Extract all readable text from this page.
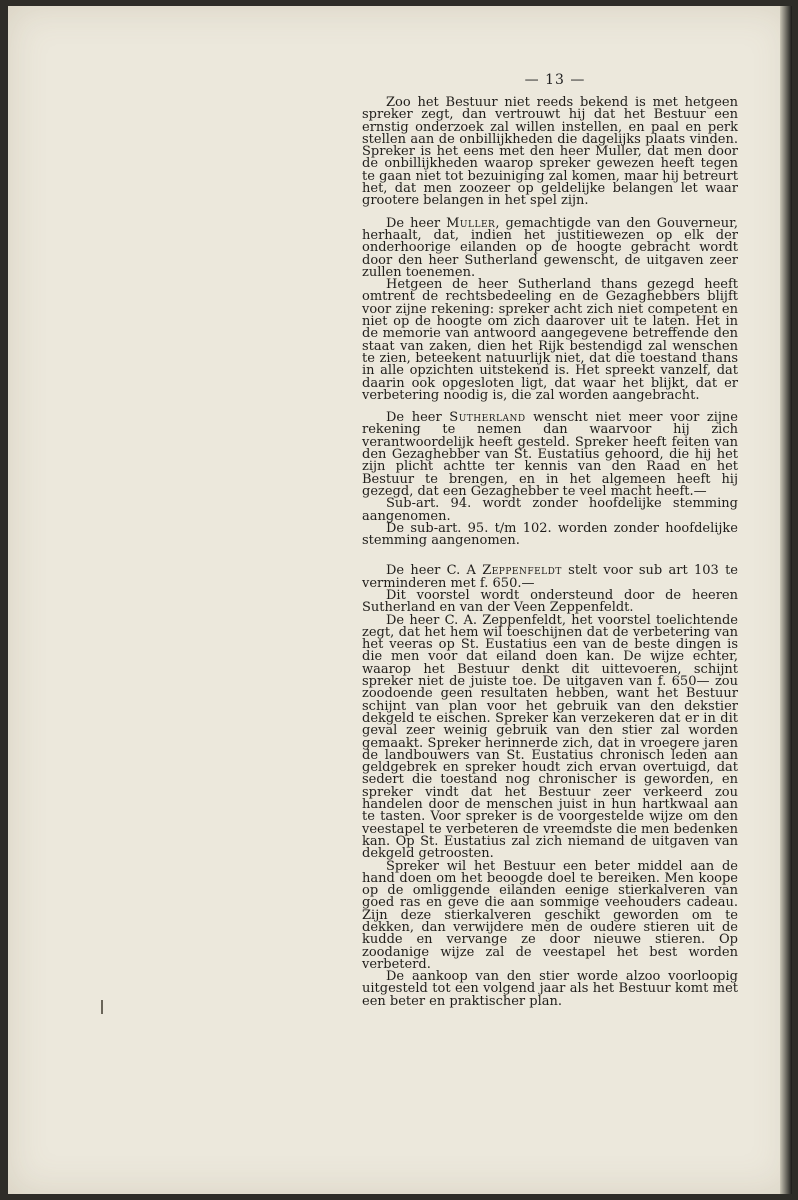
— 13 —

Zoo het Bestuur niet reeds bekend is met hetgeen spreker zegt, dan vertrouwt hij dat het Bestuur een ernstig onderzoek zal willen instellen, en paal en perk stellen aan de onbillijkheden die dagelijks plaats vinden. Spreker is het eens met den heer Muller, dat men door de onbillijkheden waarop spreker gewezen heeft tegen te gaan niet tot bezuiniging zal komen, maar hij betreurt het, dat men zoozeer op geldelijke belangen let waar grootere belangen in het spel zijn.

De heer Muller, gemachtigde van den Gouverneur, herhaalt, dat, indien het justitiewezen op elk der onderhoorige eilanden op de hoogte gebracht wordt door den heer Sutherland gewenscht, de uitgaven zeer zullen toenemen.

Hetgeen de heer Sutherland thans gezegd heeft omtrent de rechtsbedeeling en de Gezaghebbers blijft voor zijne rekening: spreker acht zich niet competent en niet op de hoogte om zich daarover uit te laten. Het in de memorie van antwoord aangegevene betreffende den staat van zaken, dien het Rijk bestendigd zal wenschen te zien, beteekent natuurlijk niet, dat die toestand thans in alle opzichten uitstekend is. Het spreekt vanzelf, dat daarin ook opgesloten ligt, dat waar het blijkt, dat er verbetering noodig is, die zal worden aangebracht.

De heer Sutherland wenscht niet meer voor zijne rekening te nemen dan waarvoor hij zich verantwoordelijk heeft gesteld. Spreker heeft feiten van den Gezaghebber van St. Eustatius gehoord, die hij het zijn plicht achtte ter kennis van den Raad en het Bestuur te brengen, en in het algemeen heeft hij gezegd, dat een Gezaghebber te veel macht heeft.—

Sub-art. 94. wordt zonder hoofdelijke stemming aangenomen.

De sub-art. 95. t/m 102. worden zonder hoofdelijke stemming aangenomen.

De heer C. A Zeppenfeldt stelt voor sub art 103 te verminderen met f. 650.—

Dit voorstel wordt ondersteund door de heeren Sutherland en van der Veen Zeppenfeldt.

De heer C. A. Zeppenfeldt, het voorstel toelichtende zegt, dat het hem wil toeschijnen dat de verbetering van het veeras op St. Eustatius een van de beste dingen is die men voor dat eiland doen kan. De wijze echter, waarop het Bestuur denkt dit uittevoeren, schijnt spreker niet de juiste toe. De uitgaven van f. 650— zou zoodoende geen resultaten hebben, want het Bestuur schijnt van plan voor het gebruik van den dekstier dekgeld te eischen. Spreker kan verzekeren dat er in dit geval zeer weinig gebruik van den stier zal worden gemaakt. Spreker herinnerde zich, dat in vroegere jaren de landbouwers van St. Eustatius chronisch leden aan geldgebrek en spreker houdt zich ervan overtuigd, dat sedert die toestand nog chronischer is geworden, en spreker vindt dat het Bestuur zeer verkeerd zou handelen door de menschen juist in hun hartkwaal aan te tasten. Voor spreker is de voorgestelde wijze om den veestapel te verbeteren de vreemdste die men bedenken kan. Op St. Eustatius zal zich niemand de uitgaven van dekgeld getroosten.

Spreker wil het Bestuur een beter middel aan de hand doen om het beoogde doel te bereiken. Men koope op de omliggende eilanden eenige stierkalveren van goed ras en geve die aan sommige veehouders cadeau. Zijn deze stierkalveren geschikt geworden om te dekken, dan verwijdere men de oudere stieren uit de kudde en vervange ze door nieuwe stieren. Op zoodanige wijze zal de veestapel het best worden verbeterd.

De aankoop van den stier worde alzoo voorloopig uitgesteld tot een volgend jaar als het Bestuur komt met een beter en praktischer plan.
